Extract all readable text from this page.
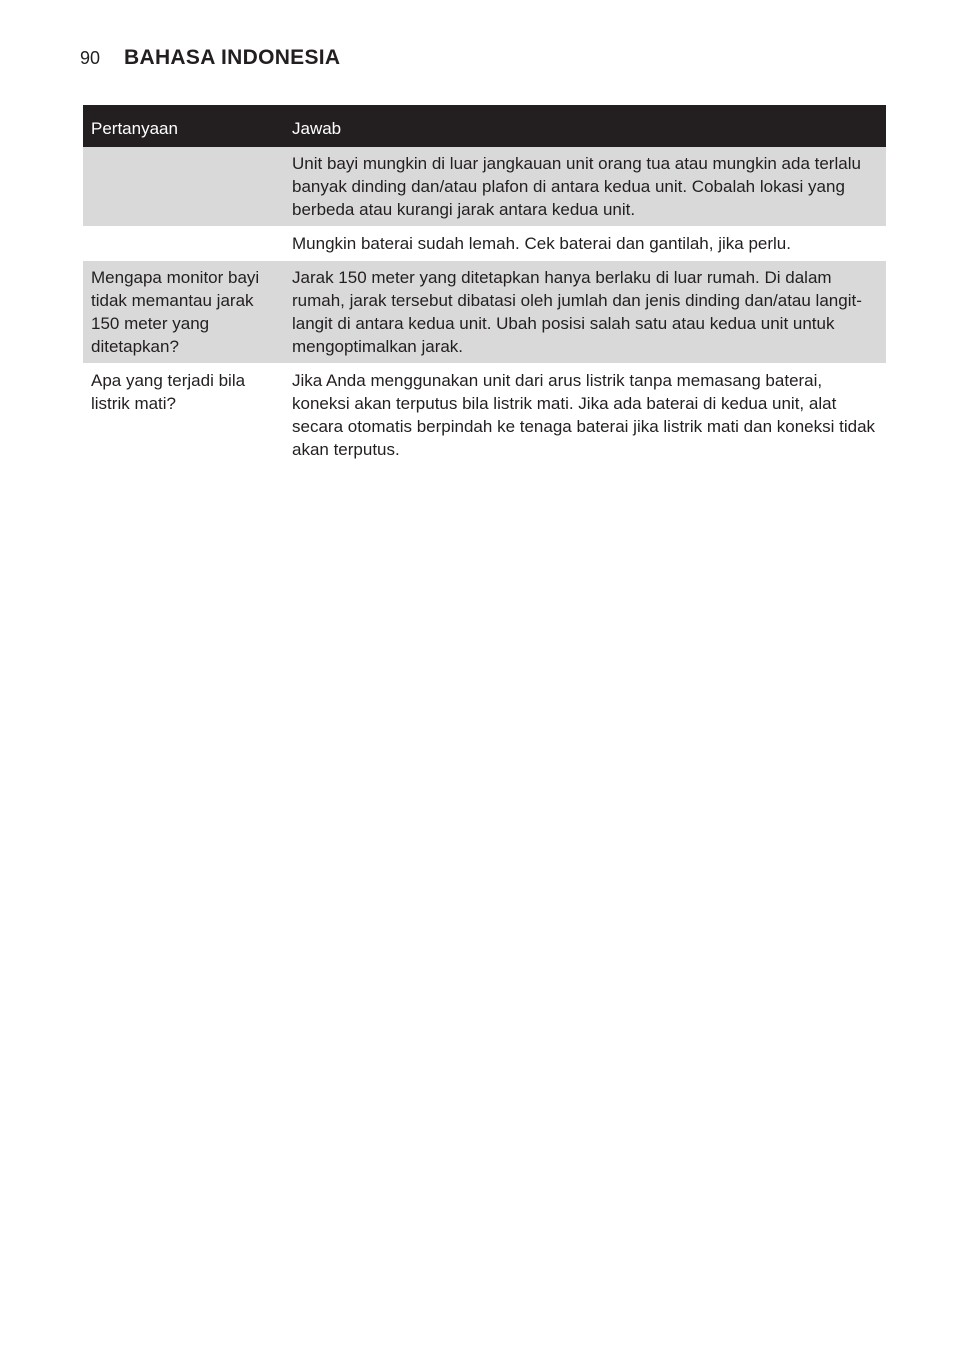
90 BAHASA INDONESIA
Pertanyaan	Jawab
	Unit bayi mungkin di luar jangkauan unit orang tua atau mungkin ada terlalu banyak dinding dan/atau plafon di antara kedua unit. Cobalah lokasi yang berbeda atau kurangi jarak antara kedua unit.
	Mungkin baterai sudah lemah. Cek baterai dan gantilah, jika perlu.
Mengapa monitor bayi tidak memantau jarak 150 meter yang ditetapkan?	Jarak 150 meter yang ditetapkan hanya berlaku di luar rumah. Di dalam rumah, jarak tersebut dibatasi oleh jumlah dan jenis dinding dan/atau langit-langit di antara kedua unit. Ubah posisi salah satu atau kedua unit untuk mengoptimalkan jarak.
Apa yang terjadi bila listrik mati?	Jika Anda menggunakan unit dari arus listrik tanpa memasang baterai, koneksi akan terputus bila listrik mati. Jika ada baterai di kedua unit, alat secara otomatis berpindah ke tenaga baterai jika listrik mati dan koneksi tidak akan terputus.
